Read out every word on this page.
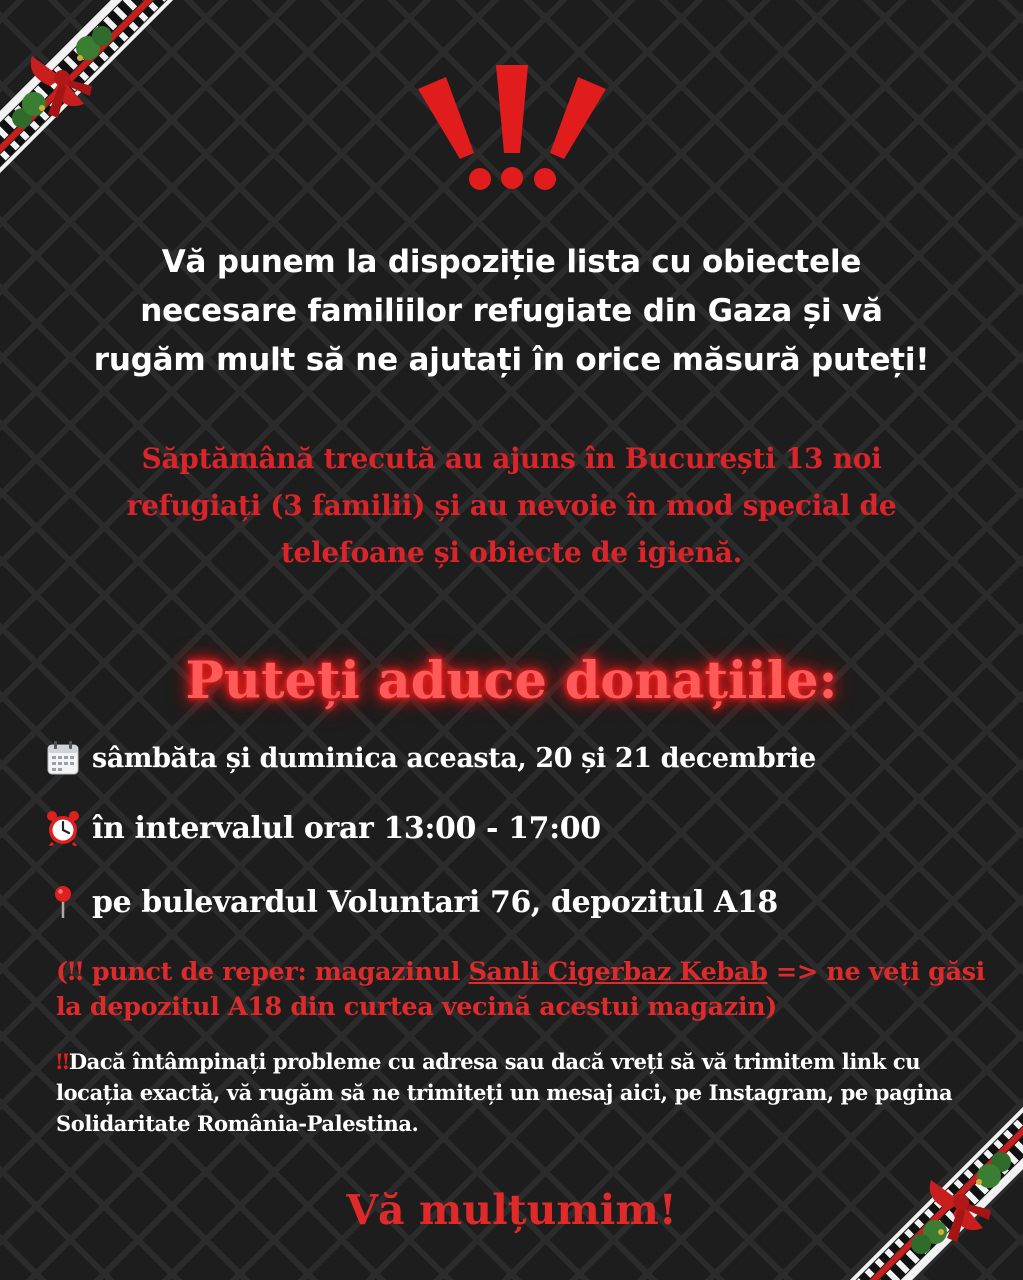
Vă punem la dispoziție lista cu obiectele
necesare familiilor refugiate din Gaza și vă
rugăm mult să ne ajutați în orice măsură puteți!
Săptămână trecută au ajuns în București 13 noi
refugiați (3 familii) și au nevoie în mod special de
telefoane și obiecte de igienă.
Puteți aduce donațiile:
sâmbăta și duminica aceasta, 20 și 21 decembrie
în intervalul orar 13:00 - 17:00
pe bulevardul Voluntari 76, depozitul A18
(‼ punct de reper: magazinul Sanli Cigerbaz Kebab => ne veți găsi la depozitul A18 din curtea vecină acestui magazin)
‼Dacă întâmpinați probleme cu adresa sau dacă vreți să vă trimitem link cu locația exactă, vă rugăm să ne trimiteți un mesaj aici, pe Instagram, pe pagina Solidaritate România-Palestina.
Vă mulțumim!
